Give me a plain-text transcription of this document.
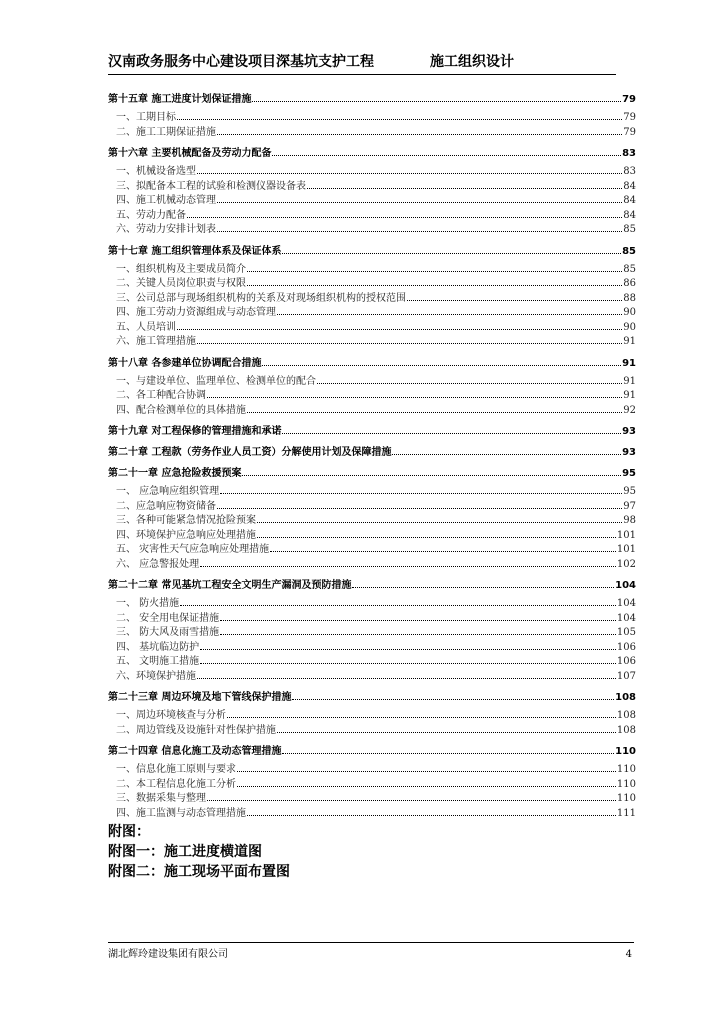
汉南政务服务中心建设项目深基坑支护工程	施工组织设计
第十五章 施工进度计划保证措施	79
一、工期目标	79
二、施工工期保证措施	79
第十六章 主要机械配备及劳动力配备	83
一、机械设备选型	83
三、拟配备本工程的试验和检测仪器设备表	84
四、施工机械动态管理	84
五、劳动力配备	84
六、劳动力安排计划表	85
第十七章 施工组织管理体系及保证体系	85
一、组织机构及主要成员简介	85
二、关键人员岗位职责与权限	86
三、公司总部与现场组织机构的关系及对现场组织机构的授权范围	88
四、施工劳动力资源组成与动态管理	90
五、人员培训	90
六、施工管理措施	91
第十八章 各参建单位协调配合措施	91
一、与建设单位、监理单位、检测单位的配合	91
二、各工种配合协调	91
四、配合检测单位的具体措施	92
第十九章 对工程保修的管理措施和承诺	93
第二十章 工程款（劳务作业人员工资）分解使用计划及保障措施	93
第二十一章 应急抢险救援预案	95
一、 应急响应组织管理	95
二、应急响应物资储备	97
三、各种可能紧急情况抢险预案	98
四、环境保护应急响应处理措施	101
五、 灾害性天气应急响应处理措施	101
六、 应急警报处理	102
第二十二章 常见基坑工程安全文明生产漏洞及预防措施	104
一、 防火措施	104
二、 安全用电保证措施	104
三、 防大风及雨雪措施	105
四、 基坑临边防护	106
五、 文明施工措施	106
六、环境保护措施	107
第二十三章 周边环境及地下管线保护措施	108
一、周边环境核查与分析	108
二、周边管线及设施针对性保护措施	108
第二十四章 信息化施工及动态管理措施	110
一、信息化施工原则与要求	110
二、本工程信息化施工分析	110
三、数据采集与整理	110
四、施工监测与动态管理措施	111
附图：
附图一：施工进度横道图
附图二：施工现场平面布置图
湖北辉玲建设集团有限公司	4
